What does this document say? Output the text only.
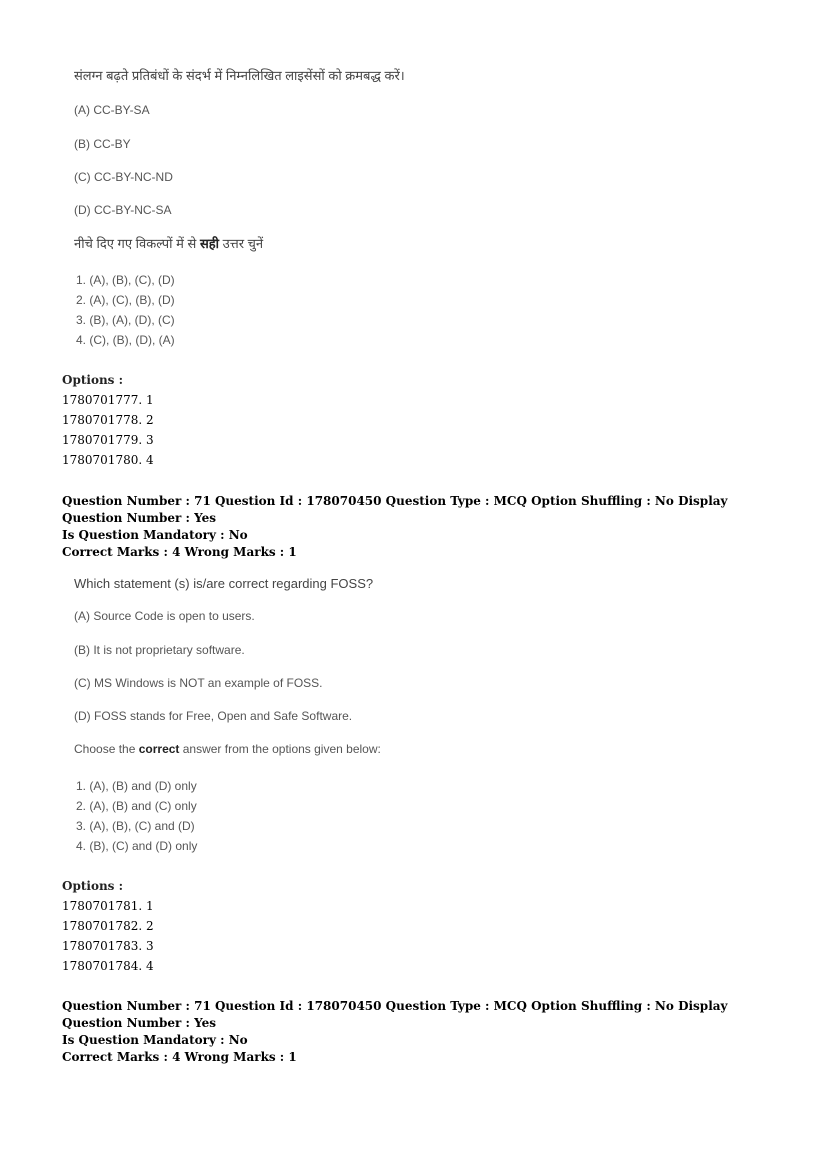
संलग्न बढ़ते प्रतिबंधों के संदर्भ में निम्नलिखित लाइसेंसों को क्रमबद्ध करें।
(A) CC-BY-SA
(B) CC-BY
(C) CC-BY-NC-ND
(D) CC-BY-NC-SA
नीचे दिए गए विकल्पों में से सही उत्तर चुनें
1. (A), (B), (C), (D)
2. (A), (C), (B), (D)
3. (B), (A), (D), (C)
4. (C), (B), (D), (A)
Options :
1780701777. 1
1780701778. 2
1780701779. 3
1780701780. 4
Question Number : 71 Question Id : 178070450 Question Type : MCQ Option Shuffling : No Display Question Number : Yes
Is Question Mandatory : No
Correct Marks : 4 Wrong Marks : 1
Which statement (s) is/are correct regarding FOSS?
(A) Source Code is open to users.
(B) It is not proprietary software.
(C) MS Windows is NOT an example of FOSS.
(D) FOSS stands for Free, Open and Safe Software.
Choose the correct answer from the options given below:
1. (A), (B) and (D) only
2. (A), (B) and (C) only
3. (A), (B), (C) and (D)
4. (B), (C) and (D) only
Options :
1780701781. 1
1780701782. 2
1780701783. 3
1780701784. 4
Question Number : 71 Question Id : 178070450 Question Type : MCQ Option Shuffling : No Display Question Number : Yes
Is Question Mandatory : No
Correct Marks : 4 Wrong Marks : 1
